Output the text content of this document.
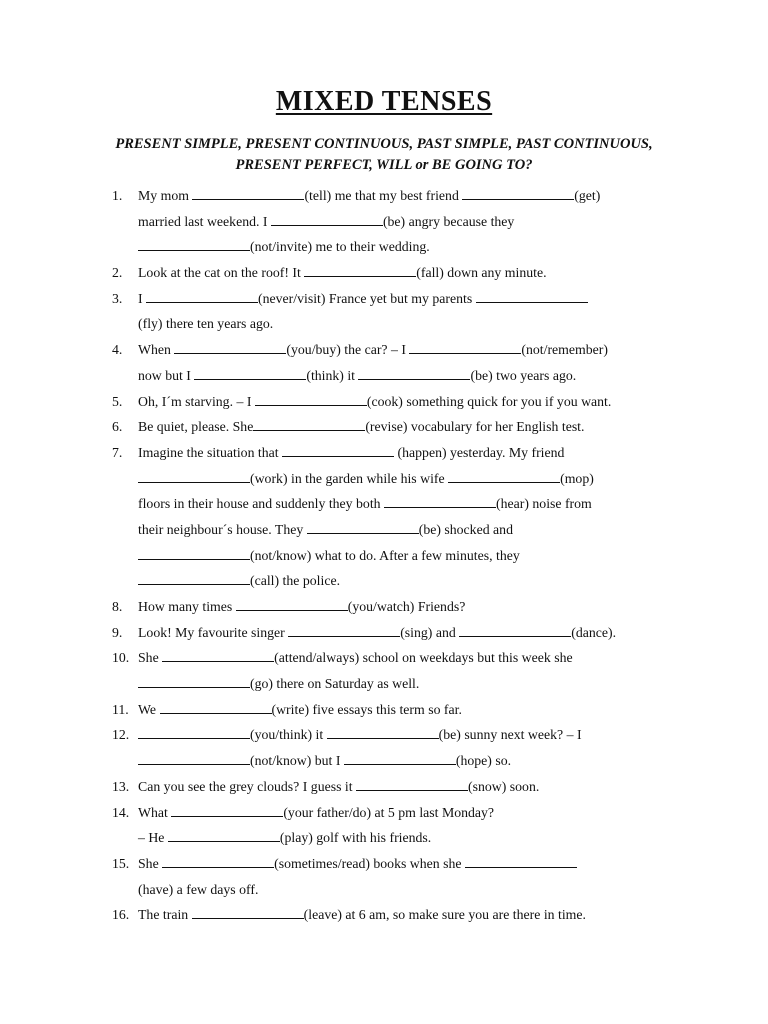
MIXED TENSES
PRESENT SIMPLE, PRESENT CONTINUOUS, PAST SIMPLE, PAST CONTINUOUS,
PRESENT PERFECT, WILL or BE GOING TO?
1. My mom	(tell) me that my best friend	(get)
married last weekend. I	(be) angry because they
(not/invite) me to their wedding.
2. Look at the cat on the roof! It	(fall) down any minute.
3. I	(never/visit) France yet but my parents
(fly) there ten years ago.
4. When	(you/buy) the car? – I	(not/remember)
now but I	(think) it	(be) two years ago.
5. Oh, I´m starving. – I	(cook) something quick for you if you want.
6. Be quiet, please. She	(revise) vocabulary for her English test.
7. Imagine the situation that	(happen) yesterday. My friend
(work) in the garden while his wife	(mop)
floors in their house and suddenly they both	(hear) noise from
their neighbour´s house. They	(be) shocked and
(not/know) what to do. After a few minutes, they
(call) the police.
8. How many times	(you/watch) Friends?
9. Look! My favourite singer	(sing) and	(dance).
10. She	(attend/always) school on weekdays but this week she
(go) there on Saturday as well.
11. We	(write) five essays this term so far.
12.	(you/think) it	(be) sunny next week? – I
(not/know) but I	(hope) so.
13. Can you see the grey clouds? I guess it	(snow) soon.
14. What	(your father/do) at 5 pm last Monday?
– He	(play) golf with his friends.
15. She	(sometimes/read) books when she
(have) a few days off.
16. The train	(leave) at 6 am, so make sure you are there in time.
